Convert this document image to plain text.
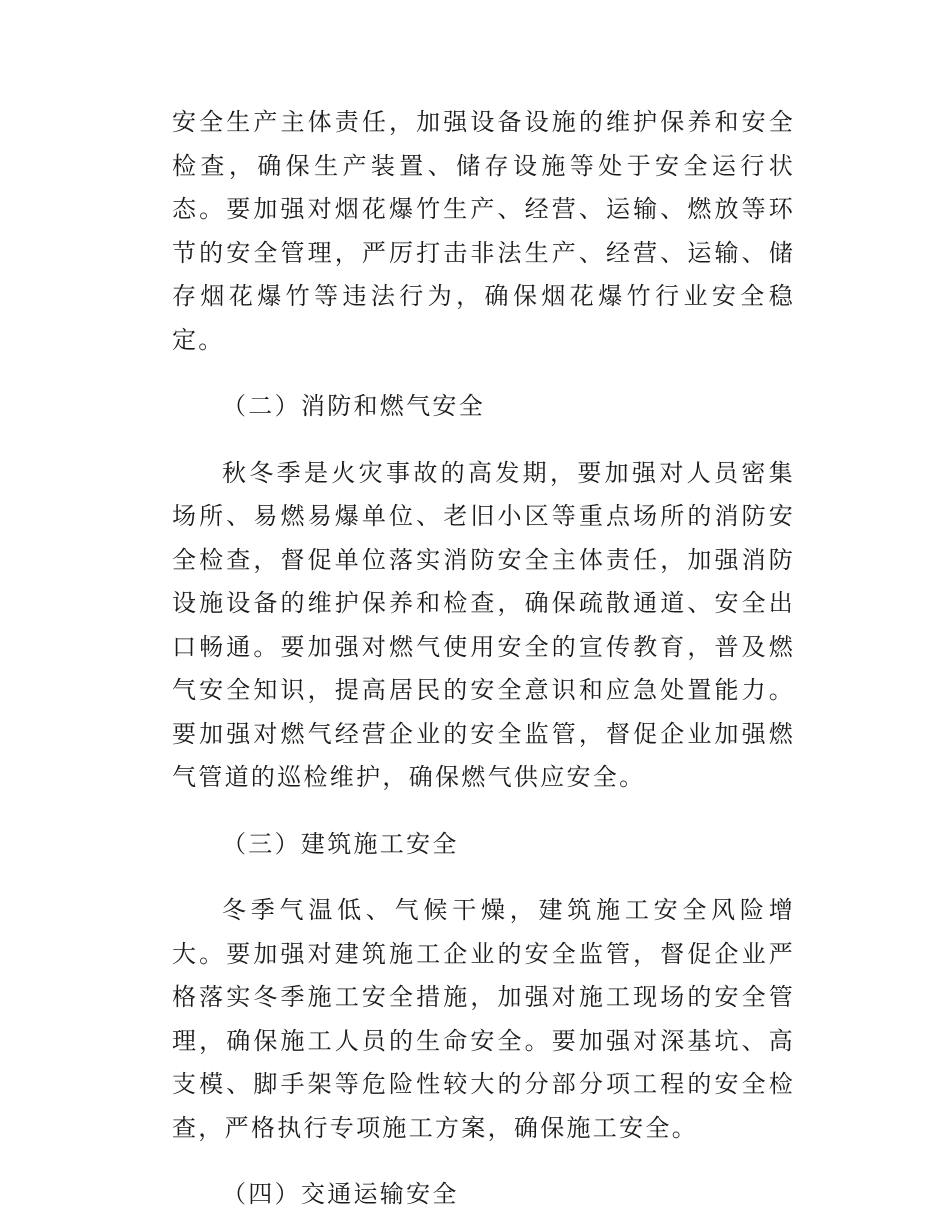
安全生产主体责任，加强设备设施的维护保养和安全检查，确保生产装置、储存设施等处于安全运行状态。要加强对烟花爆竹生产、经营、运输、燃放等环节的安全管理，严厉打击非法生产、经营、运输、储存烟花爆竹等违法行为，确保烟花爆竹行业安全稳定。

（二）消防和燃气安全

秋冬季是火灾事故的高发期，要加强对人员密集场所、易燃易爆单位、老旧小区等重点场所的消防安全检查，督促单位落实消防安全主体责任，加强消防设施设备的维护保养和检查，确保疏散通道、安全出口畅通。要加强对燃气使用安全的宣传教育，普及燃气安全知识，提高居民的安全意识和应急处置能力。要加强对燃气经营企业的安全监管，督促企业加强燃气管道的巡检维护，确保燃气供应安全。

（三）建筑施工安全

冬季气温低、气候干燥，建筑施工安全风险增大。要加强对建筑施工企业的安全监管，督促企业严格落实冬季施工安全措施，加强对施工现场的安全管理，确保施工人员的生命安全。要加强对深基坑、高支模、脚手架等危险性较大的分部分项工程的安全检查，严格执行专项施工方案，确保施工安全。

（四）交通运输安全
